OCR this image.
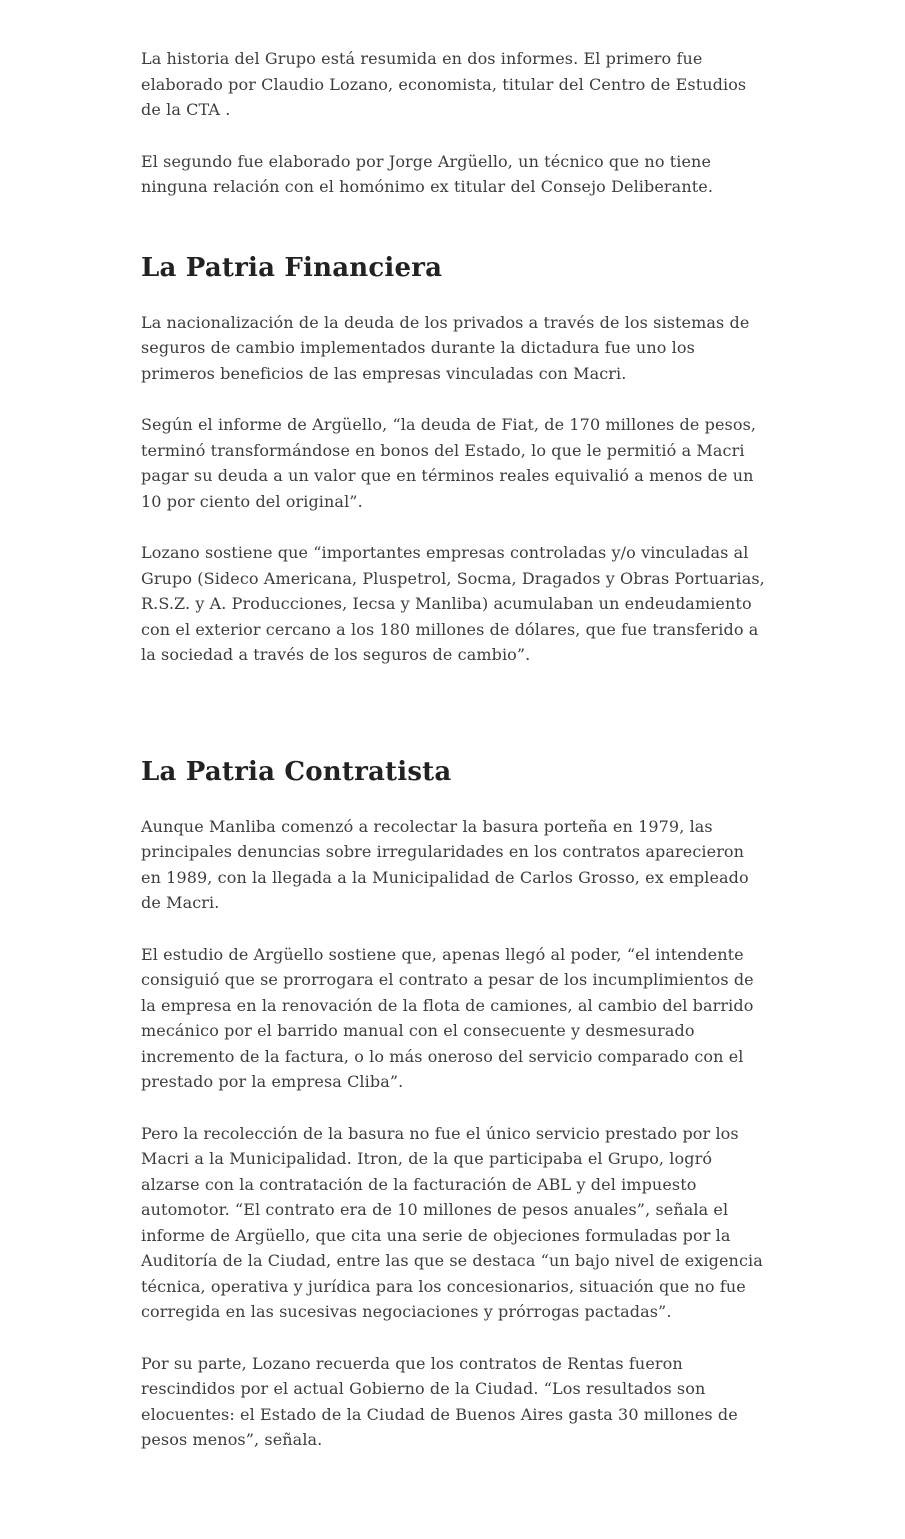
La historia del Grupo está resumida en dos informes. El primero fue elaborado por Claudio Lozano, economista, titular del Centro de Estudios de la CTA .

El segundo fue elaborado por Jorge Argüello, un técnico que no tiene ninguna relación con el homónimo ex titular del Consejo Deliberante.

La Patria Financiera

La nacionalización de la deuda de los privados a través de los sistemas de seguros de cambio implementados durante la dictadura fue uno los primeros beneficios de las empresas vinculadas con Macri.

Según el informe de Argüello, “la deuda de Fiat, de 170 millones de pesos, terminó transformándose en bonos del Estado, lo que le permitió a Macri pagar su deuda a un valor que en términos reales equivalió a menos de un 10 por ciento del original”.

Lozano sostiene que “importantes empresas controladas y/o vinculadas al Grupo (Sideco Americana, Pluspetrol, Socma, Dragados y Obras Portuarias, R.S.Z. y A. Producciones, Iecsa y Manliba) acumulaban un endeudamiento con el exterior cercano a los 180 millones de dólares, que fue transferido a la sociedad a través de los seguros de cambio”.

La Patria Contratista

Aunque Manliba comenzó a recolectar la basura porteña en 1979, las principales denuncias sobre irregularidades en los contratos aparecieron en 1989, con la llegada a la Municipalidad de Carlos Grosso, ex empleado de Macri.

El estudio de Argüello sostiene que, apenas llegó al poder, “el intendente consiguió que se prorrogara el contrato a pesar de los incumplimientos de la empresa en la renovación de la flota de camiones, al cambio del barrido mecánico por el barrido manual con el consecuente y desmesurado incremento de la factura, o lo más oneroso del servicio comparado con el prestado por la empresa Cliba”.

Pero la recolección de la basura no fue el único servicio prestado por los Macri a la Municipalidad. Itron, de la que participaba el Grupo, logró alzarse con la contratación de la facturación de ABL y del impuesto automotor. “El contrato era de 10 millones de pesos anuales”, señala el informe de Argüello, que cita una serie de objeciones formuladas por la Auditoría de la Ciudad, entre las que se destaca “un bajo nivel de exigencia técnica, operativa y jurídica para los concesionarios, situación que no fue corregida en las sucesivas negociaciones y prórrogas pactadas”.

Por su parte, Lozano recuerda que los contratos de Rentas fueron rescindidos por el actual Gobierno de la Ciudad. “Los resultados son elocuentes: el Estado de la Ciudad de Buenos Aires gasta 30 millones de pesos menos”, señala.
